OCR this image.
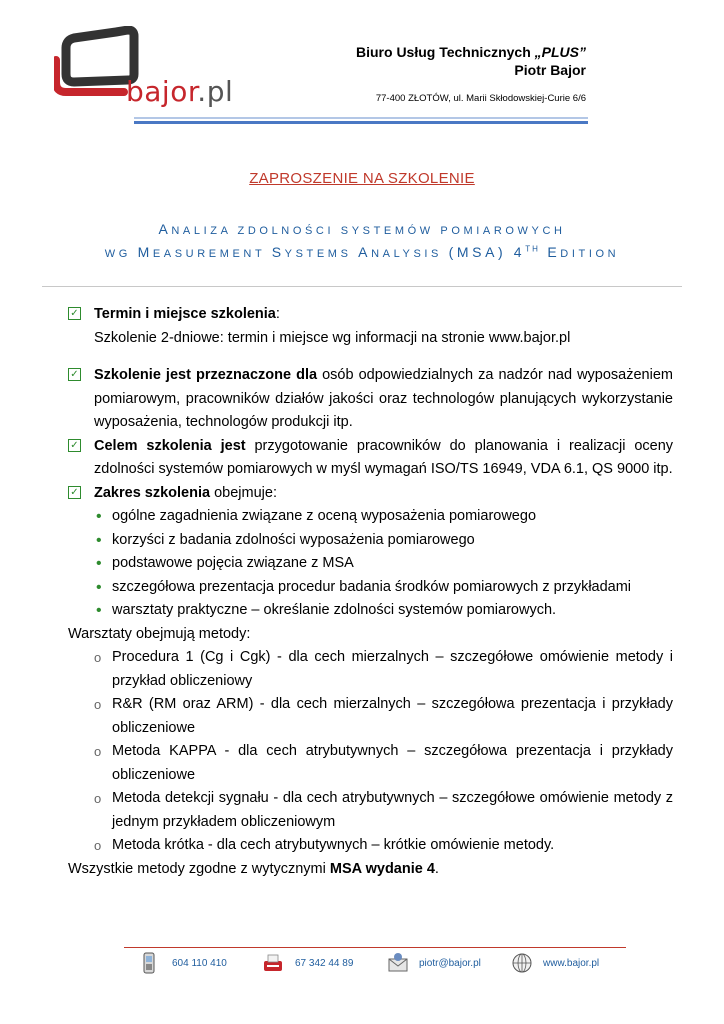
bajor.pl
Biuro Usług Technicznych „PLUS”
Piotr Bajor
77-400 ZŁOTÓW, ul. Marii Skłodowskiej-Curie 6/6
ZAPROSZENIE NA SZKOLENIE
ANALIZA ZDOLNOŚCI SYSTEMÓW POMIAROWYCH
WG MEASUREMENT SYSTEMS ANALYSIS (MSA) 4TH EDITION
✓ Termin i miejsce szkolenia:

Szkolenie 2-dniowe: termin i miejsce wg informacji na stronie www.bajor.pl

✓ Szkolenie jest przeznaczone dla osób odpowiedzialnych za nadzór nad wyposażeniem pomiarowym, pracowników działów jakości oraz technologów planujących wykorzystanie wyposażenia, technologów produkcji itp.

✓ Celem szkolenia jest przygotowanie pracowników do planowania i realizacji oceny zdolności systemów pomiarowych w myśl wymagań ISO/TS 16949, VDA 6.1, QS 9000 itp.

✓ Zakres szkolenia obejmuje:

• ogólne zagadnienia związane z oceną wyposażenia pomiarowego
• korzyści z badania zdolności wyposażenia pomiarowego
• podstawowe pojęcia związane z MSA
• szczegółowa prezentacja procedur badania środków pomiarowych z przykładami
• warsztaty praktyczne – określanie zdolności systemów pomiarowych.

Warsztaty obejmują metody:

o Procedura 1 (Cg i Cgk) - dla cech mierzalnych – szczegółowe omówienie metody i przykład obliczeniowy
o R&R (RM oraz ARM) - dla cech mierzalnych – szczegółowa prezentacja i przykłady obliczeniowe
o Metoda KAPPA - dla cech atrybutywnych – szczegółowa prezentacja i przykłady obliczeniowe
o Metoda detekcji sygnału - dla cech atrybutywnych – szczegółowe omówienie metody z jednym przykładem obliczeniowym
o Metoda krótka - dla cech atrybutywnych – krótkie omówienie metody.

Wszystkie metody zgodne z wytycznymi MSA wydanie 4.

604 110 410	67 342 44 89	piotr@bajor.pl	www.bajor.pl
